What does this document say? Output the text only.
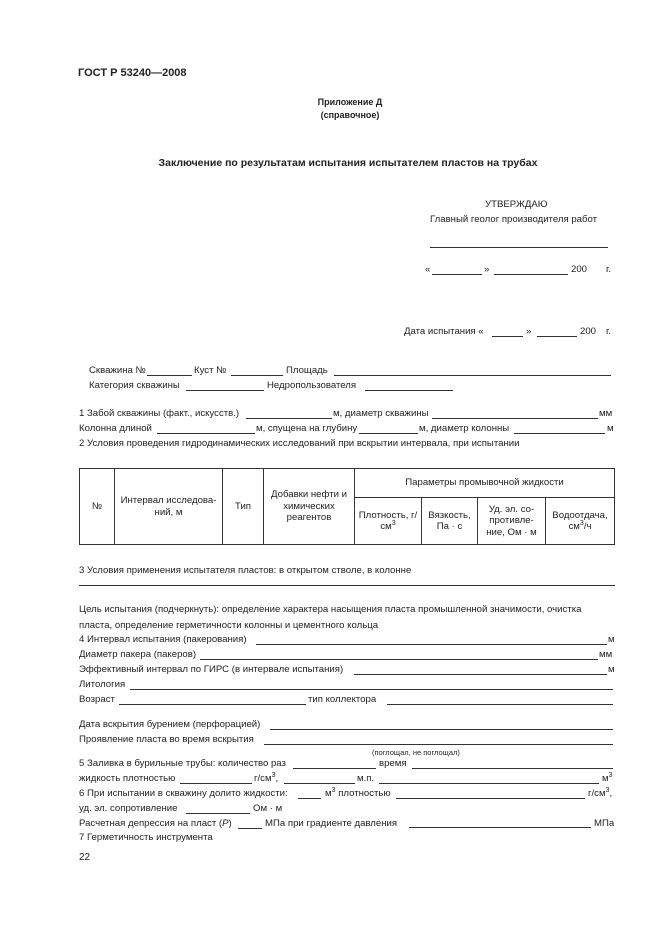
ГОСТ Р 53240—2008
Приложение Д
(справочное)
Заключение по результатам испытания испытателем пластов на трубах
УТВЕРЖДАЮ
Главный геолог производителя работ
«	»	200 г.
Дата испытания «	»	200 г.
Скважина №	Куст №	Площадь
Категория скважины	Недропользователя
1 Забой скважины (факт., искусств.)	м, диаметр скважины	мм
Колонна длиной	м, спущена на глубину	м, диаметр колонны	м
2 Условия проведения гидродинамических исследований при вскрытии интервала, при испытании
№	Интервал исследова-ний, м	Тип	Добавки нефти и химических реагентов	Параметры промывочной жидкости			
				Плотность, $г/см^3$	Вязкость, Па · с	Уд. эл. со-противле-ние, Ом · м	Водоотдача, $см^3/ч$
3 Условия применения испытателя пластов: в открытом стволе, в колонне
Цель испытания (подчеркнуть): определение характера насыщения пласта промышленной значимости, очистка
пласта, определение герметичности колонны и цементного кольца
4 Интервал испытания (пакерования)	м
Диаметр пакера (пакеров)	мм
Эффективный интервал по ГИРС (в интервале испытания)	м
Литология
Возраст	тип коллектора
Дата вскрытия бурением (перфорацией)
Проявление пласта во время вскрытия
(поглощал, не поглощал)
5 Заливка в бурильные трубы: количество раз	время
жидкость плотностью	$г/см^3$,	м.п.	$м^3$
6 При испытании в скважину долито жидкости:	$м^3$ плотностью	$г/см^3$,
уд. эл. сопротивление	Ом · м
Расчетная депрессия на пласт (P)	МПа при градиенте давления	МПа
7 Герметичность инструмента
22
